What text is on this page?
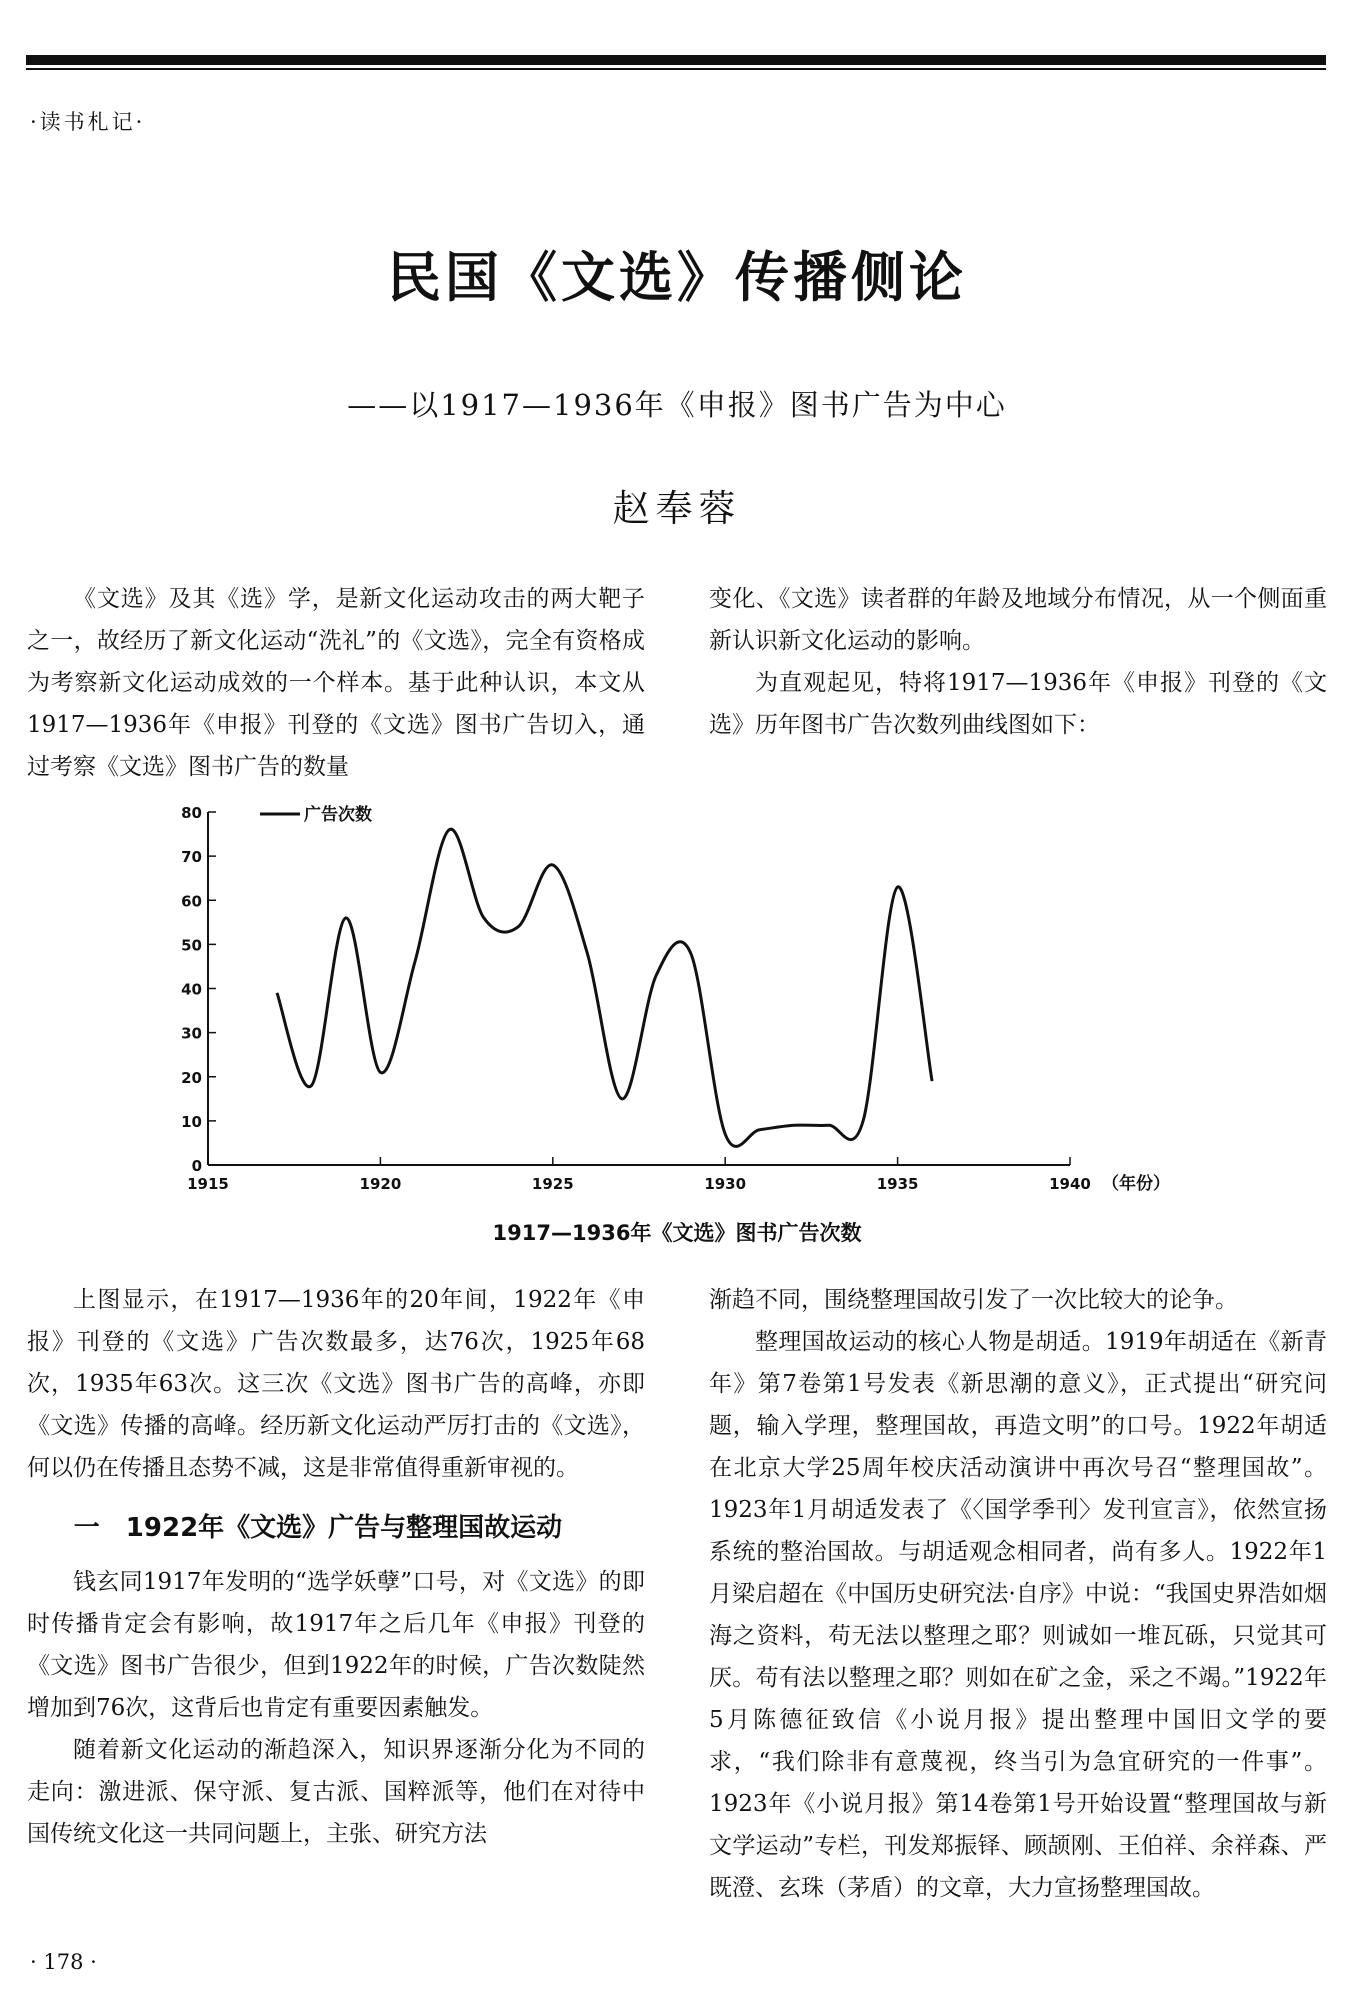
·读书札记·
民国《文选》传播侧论
——以1917—1936年《申报》图书广告为中心
赵奉蓉

《文选》及其《选》学，是新文化运动攻击的两大靶子之一，故经历了新文化运动“洗礼”的《文选》，完全有资格成为考察新文化运动成效的一个样本。基于此种认识，本文从1917—1936年《申报》刊登的《文选》图书广告切入，通过考察《文选》图书广告的数量

变化、《文选》读者群的年龄及地域分布情况，从一个侧面重新认识新文化运动的影响。

为直观起见，特将1917—1936年《申报》刊登的《文选》历年图书广告次数列曲线图如下：

0
10
20
30
40
50
60
70
80
1915	1920	1925	1930	1935	1940 （年份）
广告次数
1917—1936年《文选》图书广告次数

上图显示，在1917—1936年的20年间，1922年《申报》刊登的《文选》广告次数最多，达76次，1925年68次，1935年63次。这三次《文选》图书广告的高峰，亦即《文选》传播的高峰。经历新文化运动严厉打击的《文选》，何以仍在传播且态势不减，这是非常值得重新审视的。

一　1922年《文选》广告与整理国故运动

钱玄同1917年发明的“选学妖孽”口号，对《文选》的即时传播肯定会有影响，故1917年之后几年《申报》刊登的《文选》图书广告很少，但到1922年的时候，广告次数陡然增加到76次，这背后也肯定有重要因素触发。

随着新文化运动的渐趋深入，知识界逐渐分化为不同的走向：激进派、保守派、复古派、国粹派等，他们在对待中国传统文化这一共同问题上，主张、研究方法

渐趋不同，围绕整理国故引发了一次比较大的论争。

整理国故运动的核心人物是胡适。1919年胡适在《新青年》第7卷第1号发表《新思潮的意义》，正式提出“研究问题，输入学理，整理国故，再造文明”的口号。1922年胡适在北京大学25周年校庆活动演讲中再次号召“整理国故”。1923年1月胡适发表了《〈国学季刊〉发刊宣言》，依然宣扬系统的整治国故。与胡适观念相同者，尚有多人。1922年1月梁启超在《中国历史研究法·自序》中说：“我国史界浩如烟海之资料，苟无法以整理之耶？则诚如一堆瓦砾，只觉其可厌。苟有法以整理之耶？则如在矿之金，采之不竭。”1922年5月陈德征致信《小说月报》提出整理中国旧文学的要求，“我们除非有意蔑视，终当引为急宜研究的一件事”。1923年《小说月报》第14卷第1号开始设置“整理国故与新文学运动”专栏，刊发郑振铎、顾颉刚、王伯祥、余祥森、严既澄、玄珠（茅盾）的文章，大力宣扬整理国故。

· 178 ·
